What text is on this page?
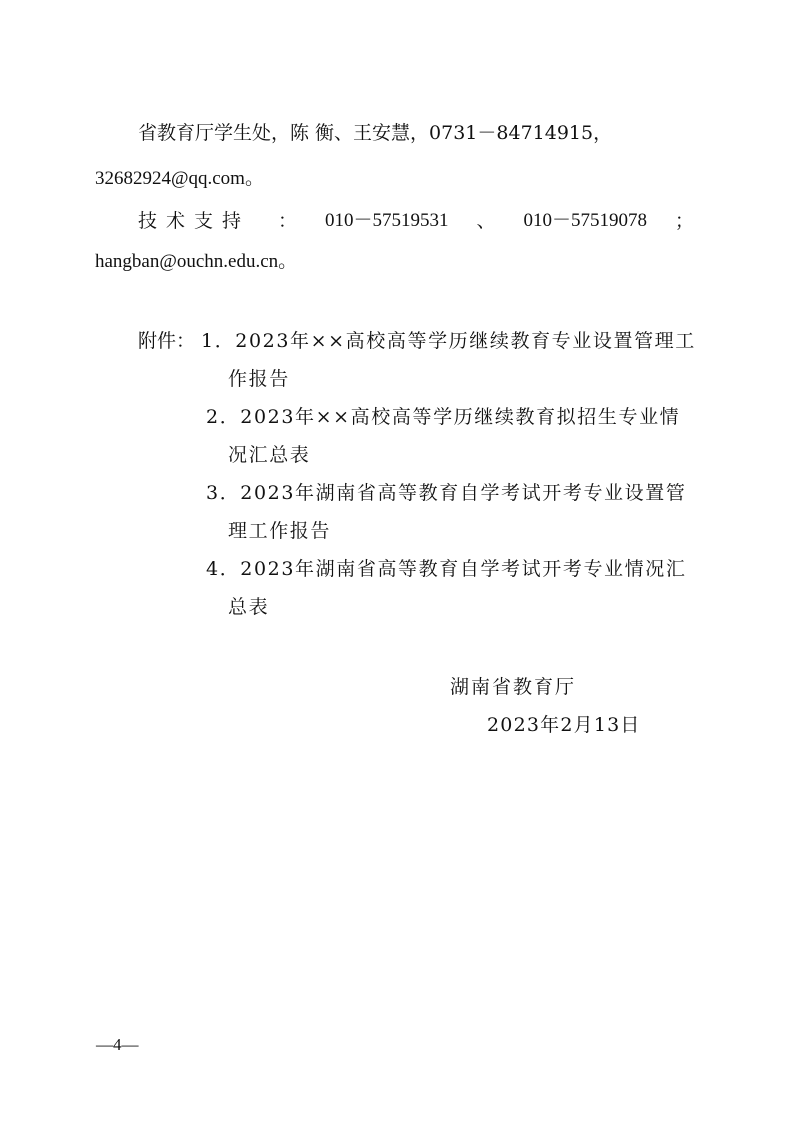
省教育厅学生处，陈 衡、王安慧，0731－84714915，
32682924@qq.com。
技术支持 ： 010－57519531 、 010－57519078 ；
hangban@ouchn.edu.cn。
附件： 1．2023年××高校高等学历继续教育专业设置管理工
作报告
2．2023年××高校高等学历继续教育拟招生专业情
况汇总表
3．2023年湖南省高等教育自学考试开考专业设置管
理工作报告
4．2023年湖南省高等教育自学考试开考专业情况汇
总表
湖南省教育厅
2023年2月13日
—4—
